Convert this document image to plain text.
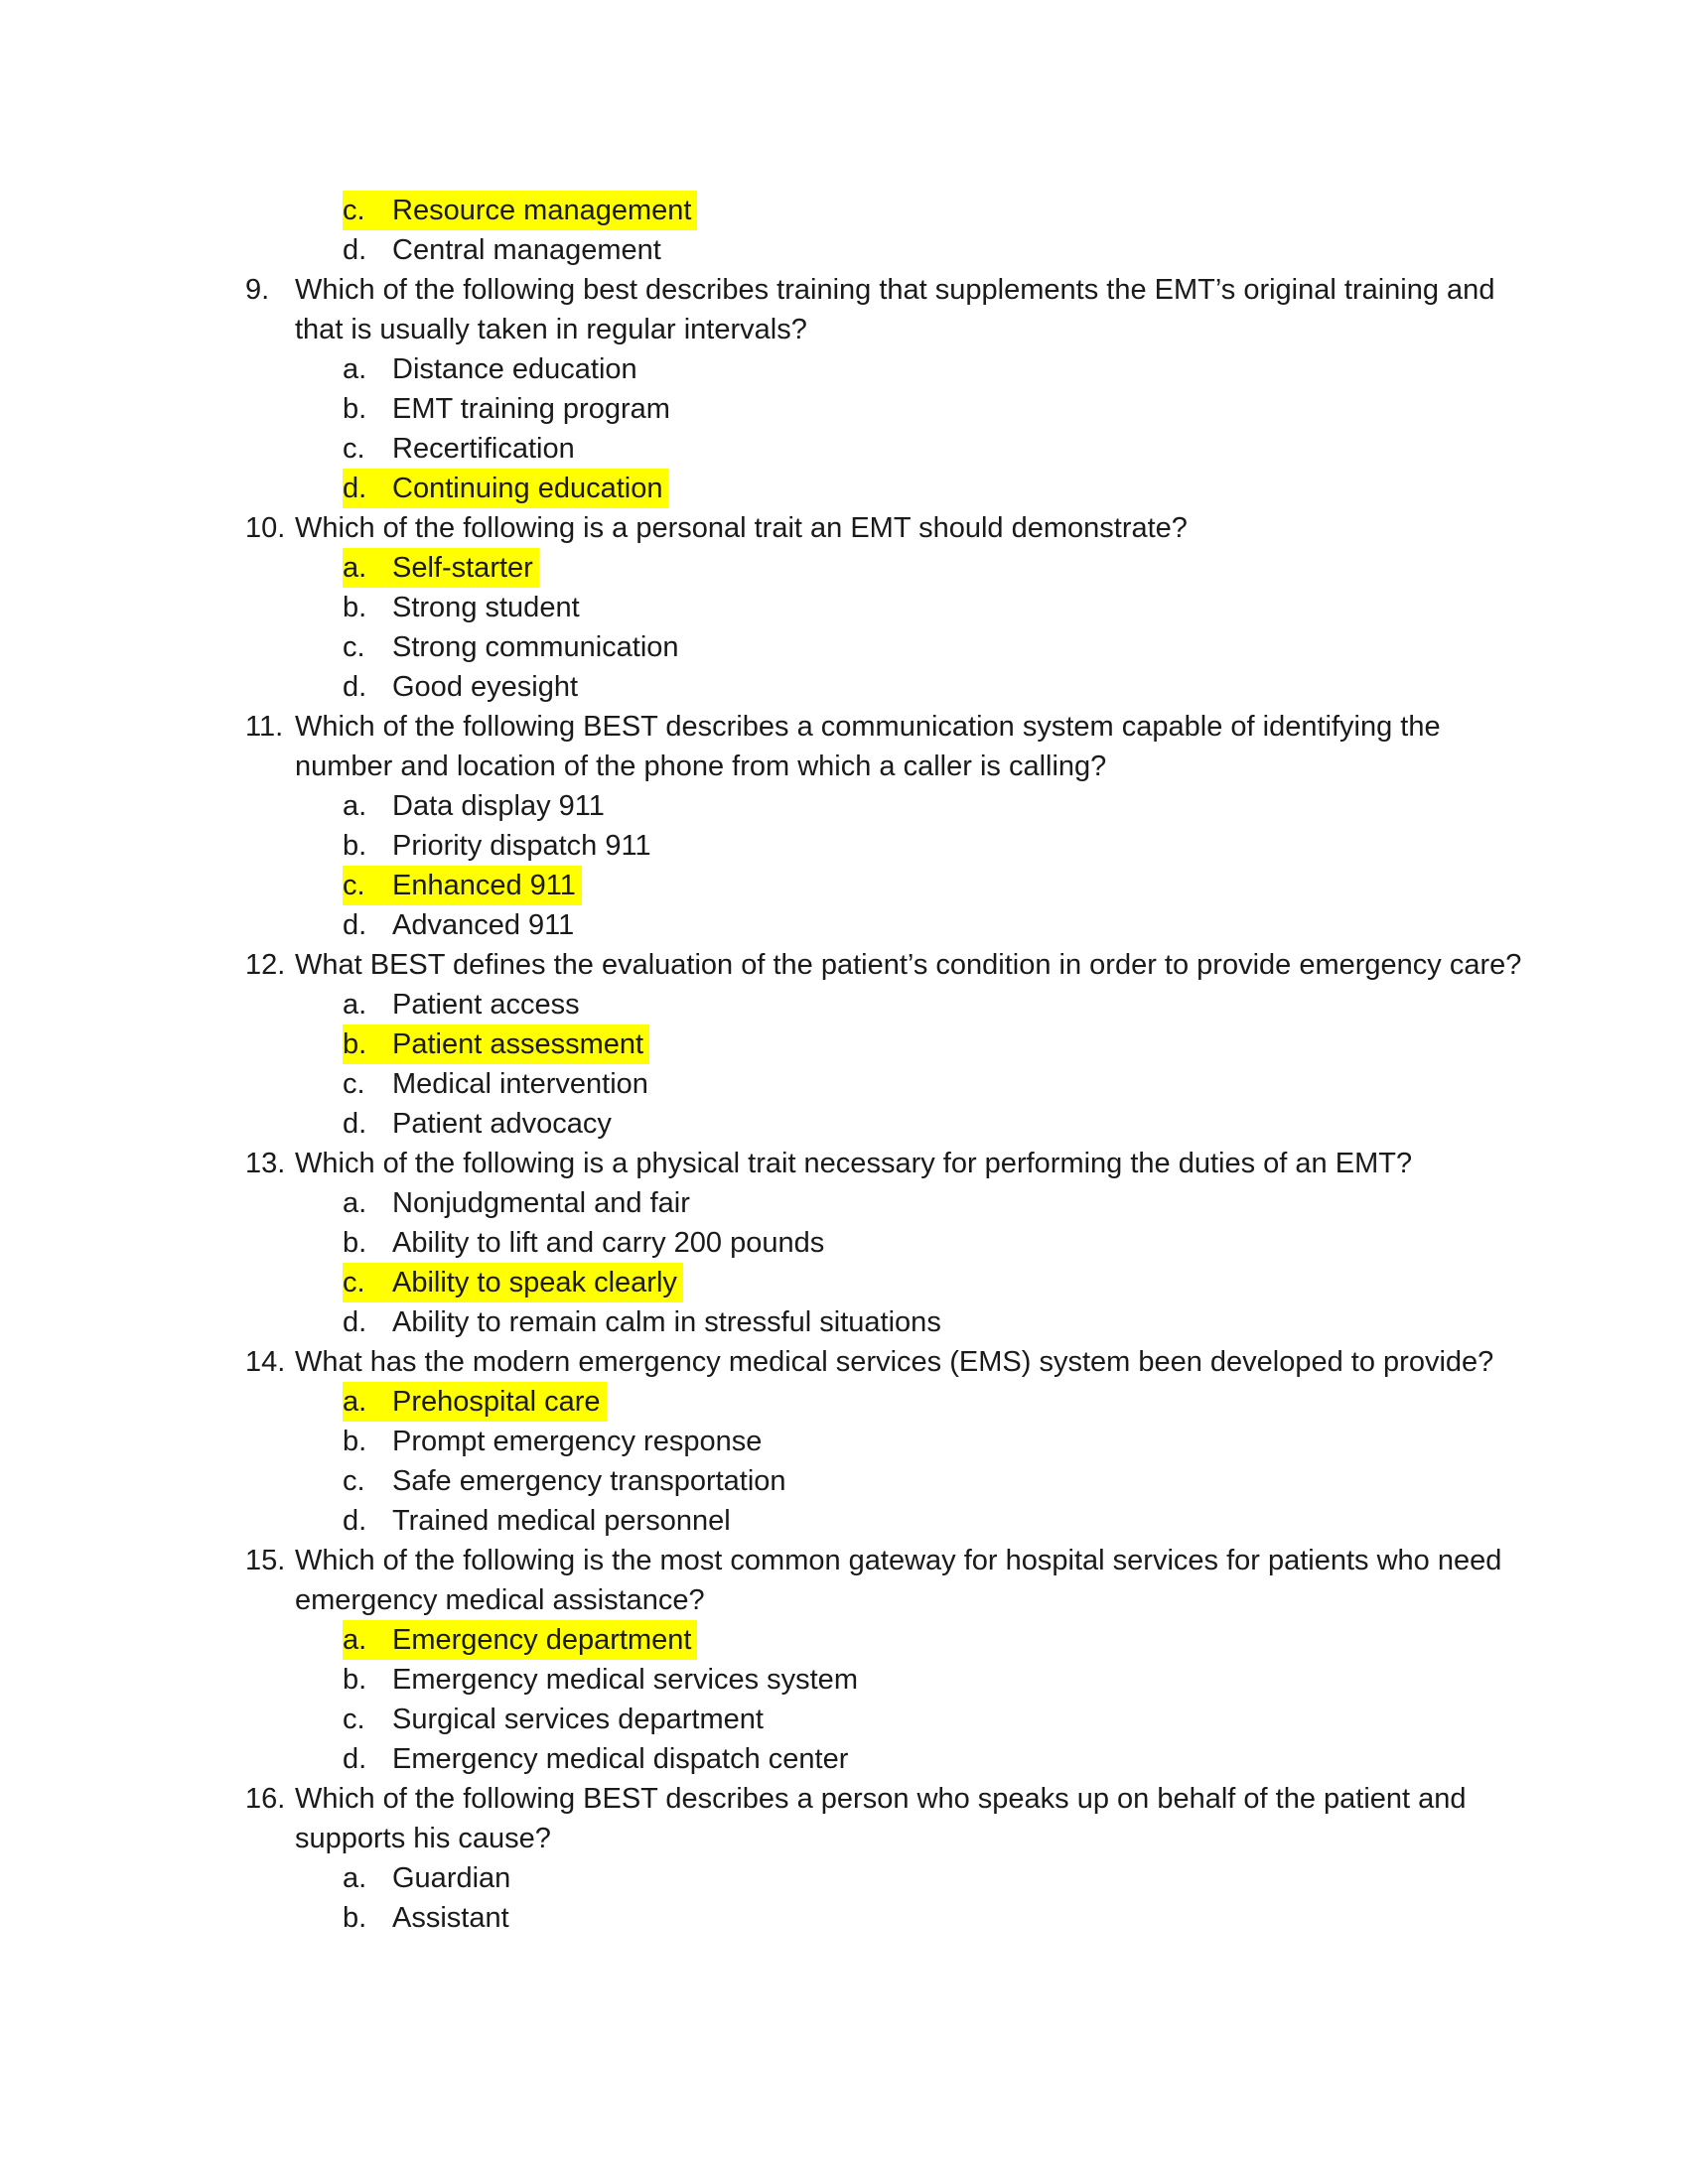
c. Resource management
d. Central management
9. Which of the following best describes training that supplements the EMT’s original training and
that is usually taken in regular intervals?
a. Distance education
b. EMT training program
c. Recertification
d. Continuing education
10. Which of the following is a personal trait an EMT should demonstrate?
a. Self-starter
b. Strong student
c. Strong communication
d. Good eyesight
11. Which of the following BEST describes a communication system capable of identifying the
number and location of the phone from which a caller is calling?
a. Data display 911
b. Priority dispatch 911
c. Enhanced 911
d. Advanced 911
12. What BEST defines the evaluation of the patient’s condition in order to provide emergency care?
a. Patient access
b. Patient assessment
c. Medical intervention
d. Patient advocacy
13. Which of the following is a physical trait necessary for performing the duties of an EMT?
a. Nonjudgmental and fair
b. Ability to lift and carry 200 pounds
c. Ability to speak clearly
d. Ability to remain calm in stressful situations
14. What has the modern emergency medical services (EMS) system been developed to provide?
a. Prehospital care
b. Prompt emergency response
c. Safe emergency transportation
d. Trained medical personnel
15. Which of the following is the most common gateway for hospital services for patients who need
emergency medical assistance?
a. Emergency department
b. Emergency medical services system
c. Surgical services department
d. Emergency medical dispatch center
16. Which of the following BEST describes a person who speaks up on behalf of the patient and
supports his cause?
a. Guardian
b. Assistant
